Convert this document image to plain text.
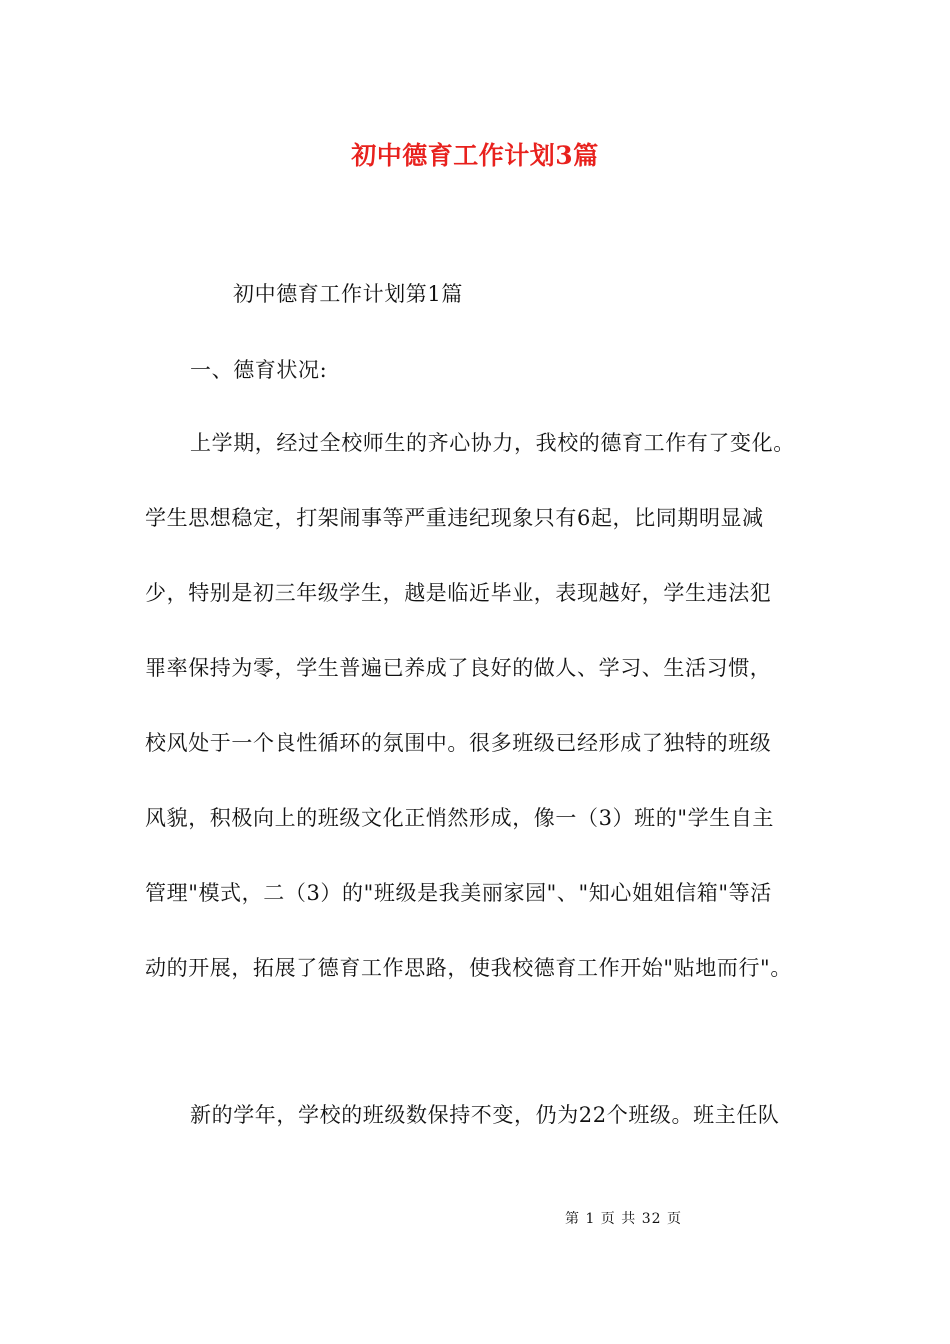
初中德育工作计划3篇
初中德育工作计划第1篇
一、德育状况:
上学期，经过全校师生的齐心协力，我校的德育工作有了变化。
学生思想稳定，打架闹事等严重违纪现象只有6起，比同期明显减
少，特别是初三年级学生，越是临近毕业，表现越好，学生违法犯
罪率保持为零，学生普遍已养成了良好的做人、学习、生活习惯，
校风处于一个良性循环的氛围中。很多班级已经形成了独特的班级
风貌，积极向上的班级文化正悄然形成，像一（3）班的"学生自主
管理"模式，二（3）的"班级是我美丽家园"、"知心姐姐信箱"等活
动的开展，拓展了德育工作思路，使我校德育工作开始"贴地而行"。
新的学年，学校的班级数保持不变，仍为22个班级。班主任队
第 1 页 共 32 页
